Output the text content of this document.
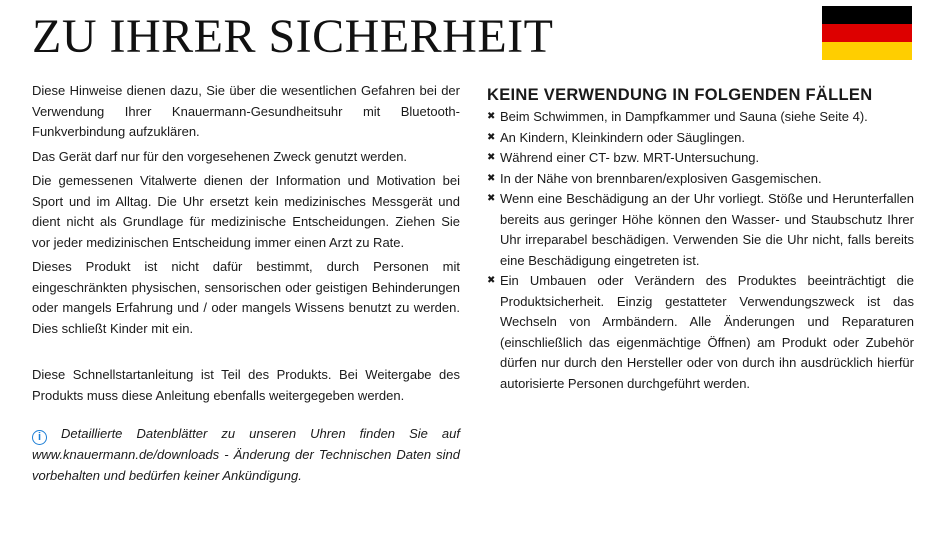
ZU IHRER SICHERHEIT

Diese Hinweise dienen dazu, Sie über die wesentlichen Gefahren bei der Verwendung Ihrer Knauermann-Gesundheitsuhr mit Bluetooth-Funkverbindung aufzuklären.

Das Gerät darf nur für den vorgesehenen Zweck genutzt werden.

Die gemessenen Vitalwerte dienen der Information und Motivation bei Sport und im Alltag. Die Uhr ersetzt kein medizinisches Messgerät und dient nicht als Grundlage für medizinische Entscheidungen. Ziehen Sie vor jeder medizinischen Entscheidung immer einen Arzt zu Rate.

Dieses Produkt ist nicht dafür bestimmt, durch Personen mit eingeschränkten physischen, sensorischen oder geistigen Behinderungen oder mangels Erfahrung und / oder mangels Wissens benutzt zu werden. Dies schließt Kinder mit ein.

Diese Schnellstartanleitung ist Teil des Produkts. Bei Weitergabe des Produkts muss diese Anleitung ebenfalls weitergegeben werden.

i Detaillierte Datenblätter zu unseren Uhren finden Sie auf www.knauermann.de/downloads - Änderung der Technischen Daten sind vorbehalten und bedürfen keiner Ankündigung.

KEINE VERWENDUNG IN FOLGENDEN FÄLLEN
✖ Beim Schwimmen, in Dampfkammer und Sauna (siehe Seite 4).
✖ An Kindern, Kleinkindern oder Säuglingen.
✖ Während einer CT- bzw. MRT-Untersuchung.
✖ In der Nähe von brennbaren/explosiven Gasgemischen.
✖ Wenn eine Beschädigung an der Uhr vorliegt. Stöße und Herunterfallen bereits aus geringer Höhe können den Wasser- und Staubschutz Ihrer Uhr irreparabel beschädigen. Verwenden Sie die Uhr nicht, falls bereits eine Beschädigung eingetreten ist.
✖ Ein Umbauen oder Verändern des Produktes beeinträchtigt die Produktsicherheit. Einzig gestatteter Verwendungszweck ist das Wechseln von Armbändern. Alle Änderungen und Reparaturen (einschließlich das eigenmächtige Öffnen) am Produkt oder Zubehör dürfen nur durch den Hersteller oder von durch ihn ausdrücklich hierfür autorisierte Personen durchgeführt werden.
